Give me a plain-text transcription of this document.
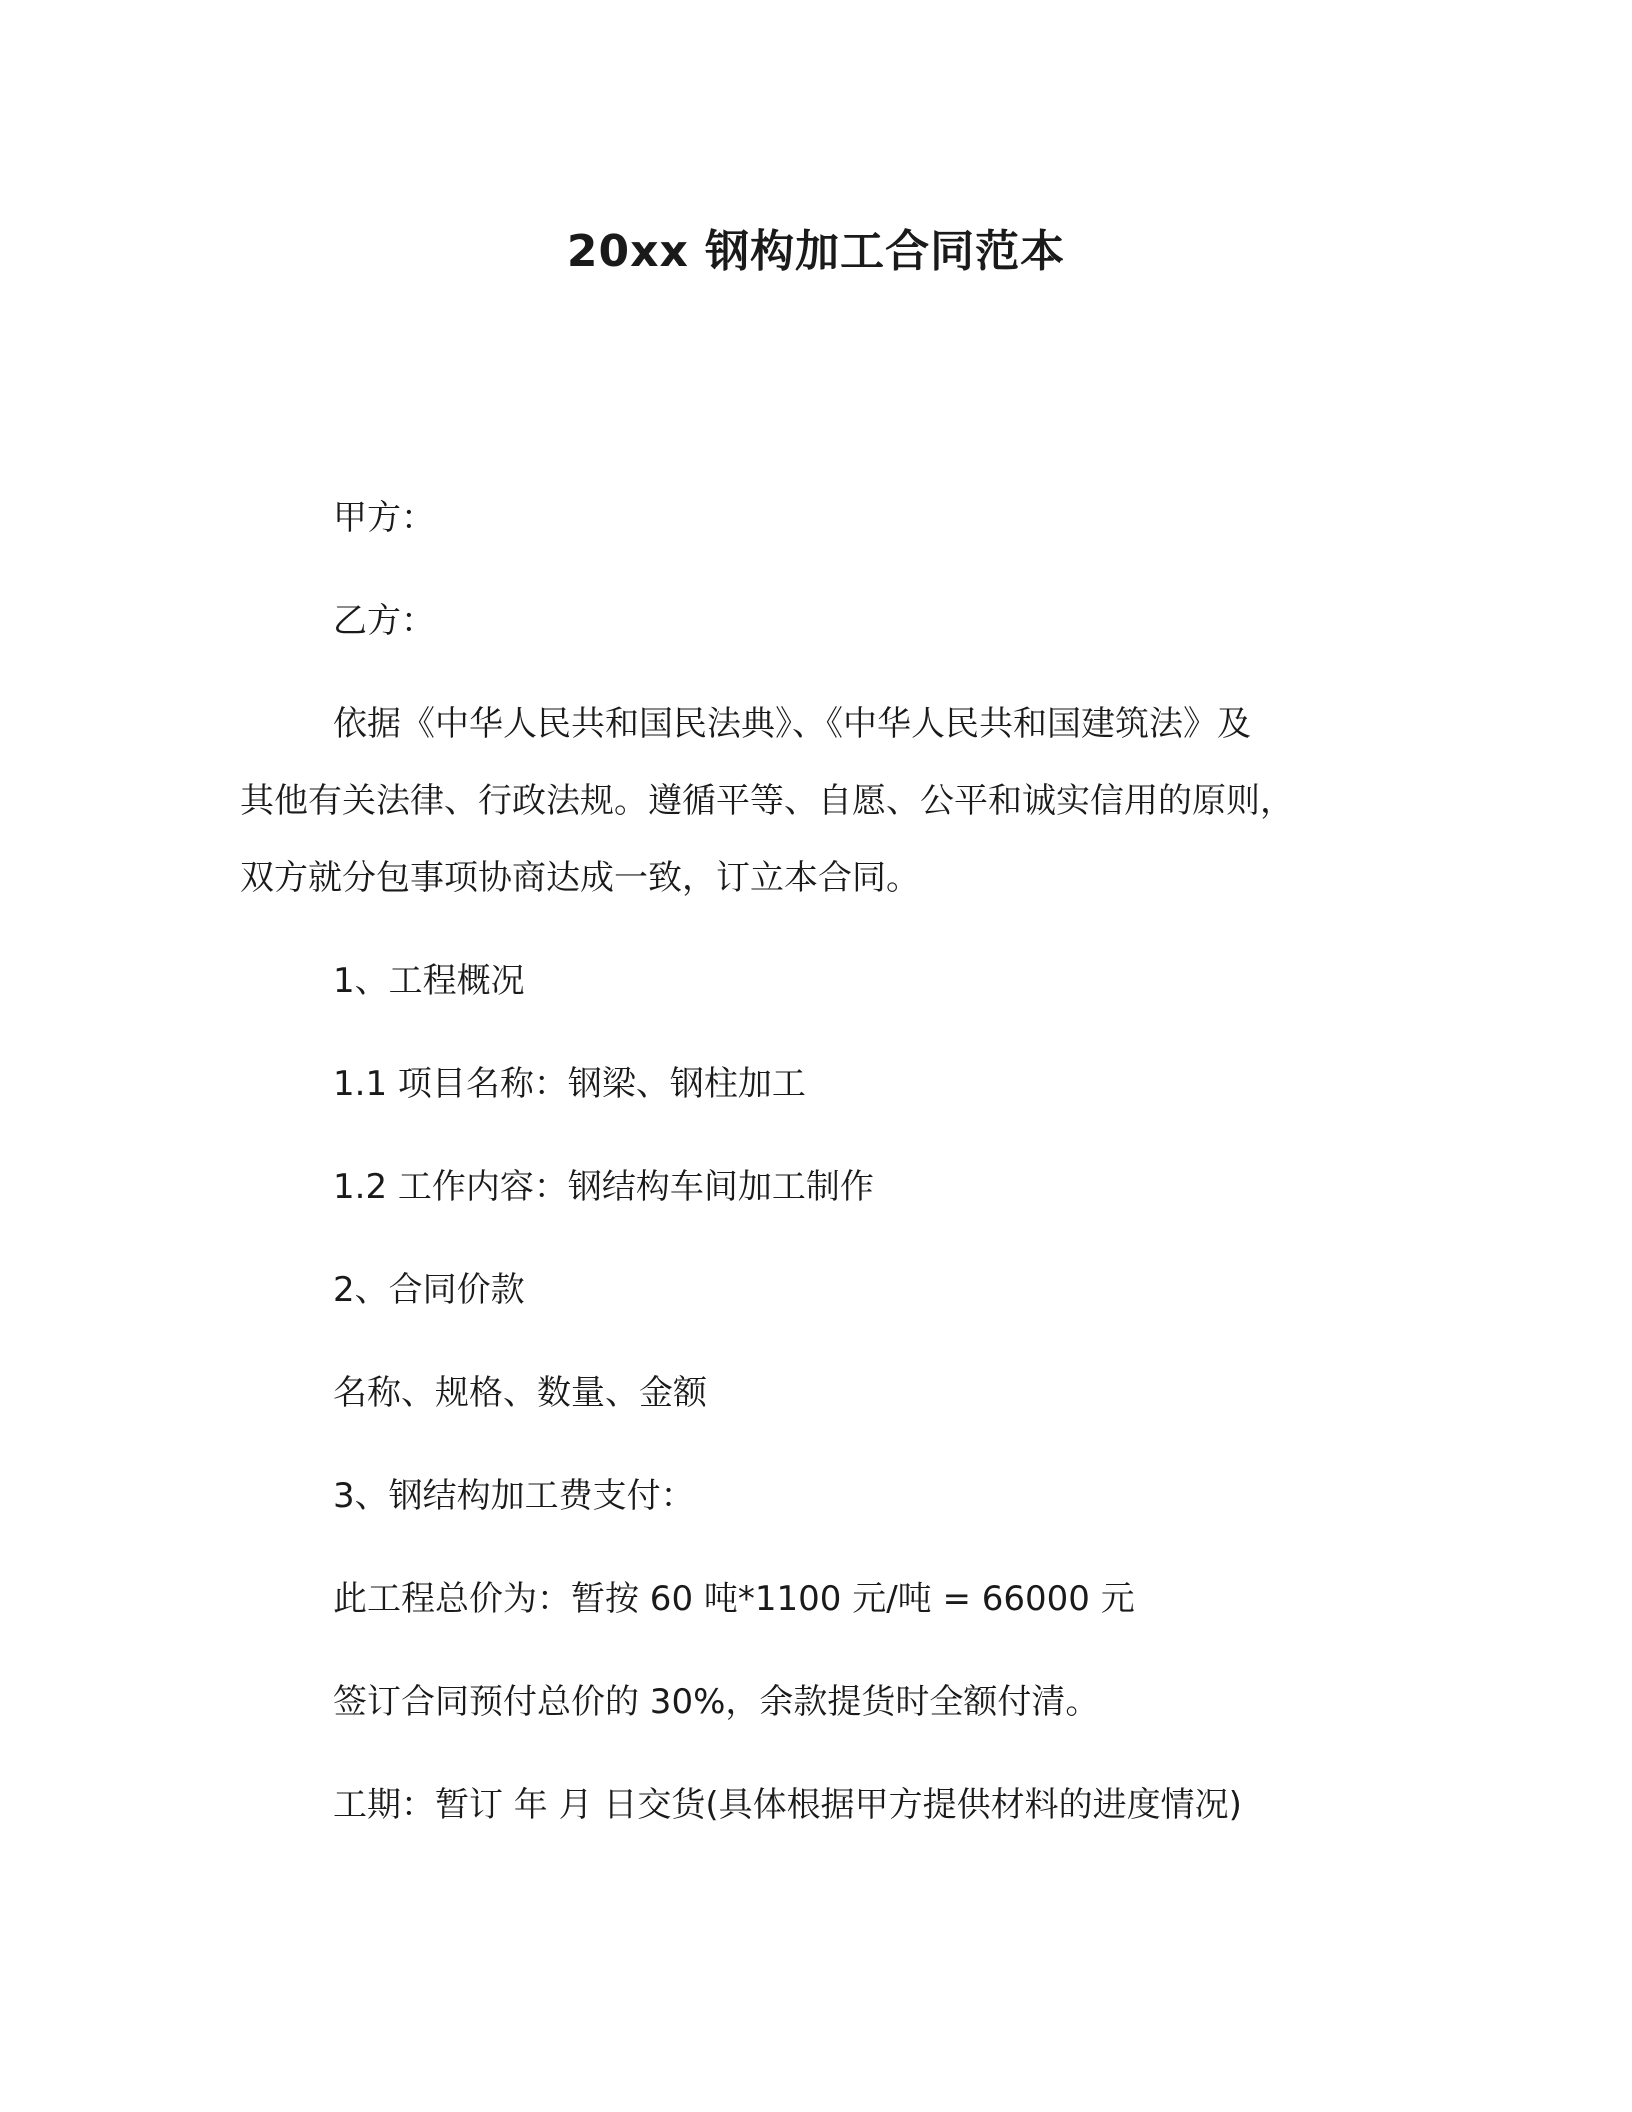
20xx 钢构加工合同范本
甲方：
乙方：
依据《中华人民共和国民法典》、《中华人民共和国建筑法》及
其他有关法律、行政法规。遵循平等、自愿、公平和诚实信用的原则，
双方就分包事项协商达成一致，订立本合同。
1、工程概况
1.1 项目名称：钢梁、钢柱加工
1.2 工作内容：钢结构车间加工制作
2、合同价款
名称、规格、数量、金额
3、钢结构加工费支付：
此工程总价为：暂按 60 吨*1100 元/吨 = 66000 元
签订合同预付总价的 30%，余款提货时全额付清。
工期：暂订 年 月 日交货(具体根据甲方提供材料的进度情况)
